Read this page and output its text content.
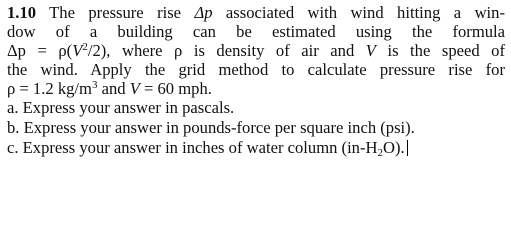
1.10 The pressure rise Δp associated with wind hitting a win-
dow of a building can be estimated using the formula
$\Delta p = \rho(V^2/2)$, where ρ is density of air and V is the speed of
the wind. Apply the grid method to calculate pressure rise for
ρ = 1.2 $kg/m^3$ and V = 60 mph.
a. Express your answer in pascals. b. Express your answer in pounds-force per square inch (psi). c. Express your answer in inches of water column $(in-H_2O)$.
